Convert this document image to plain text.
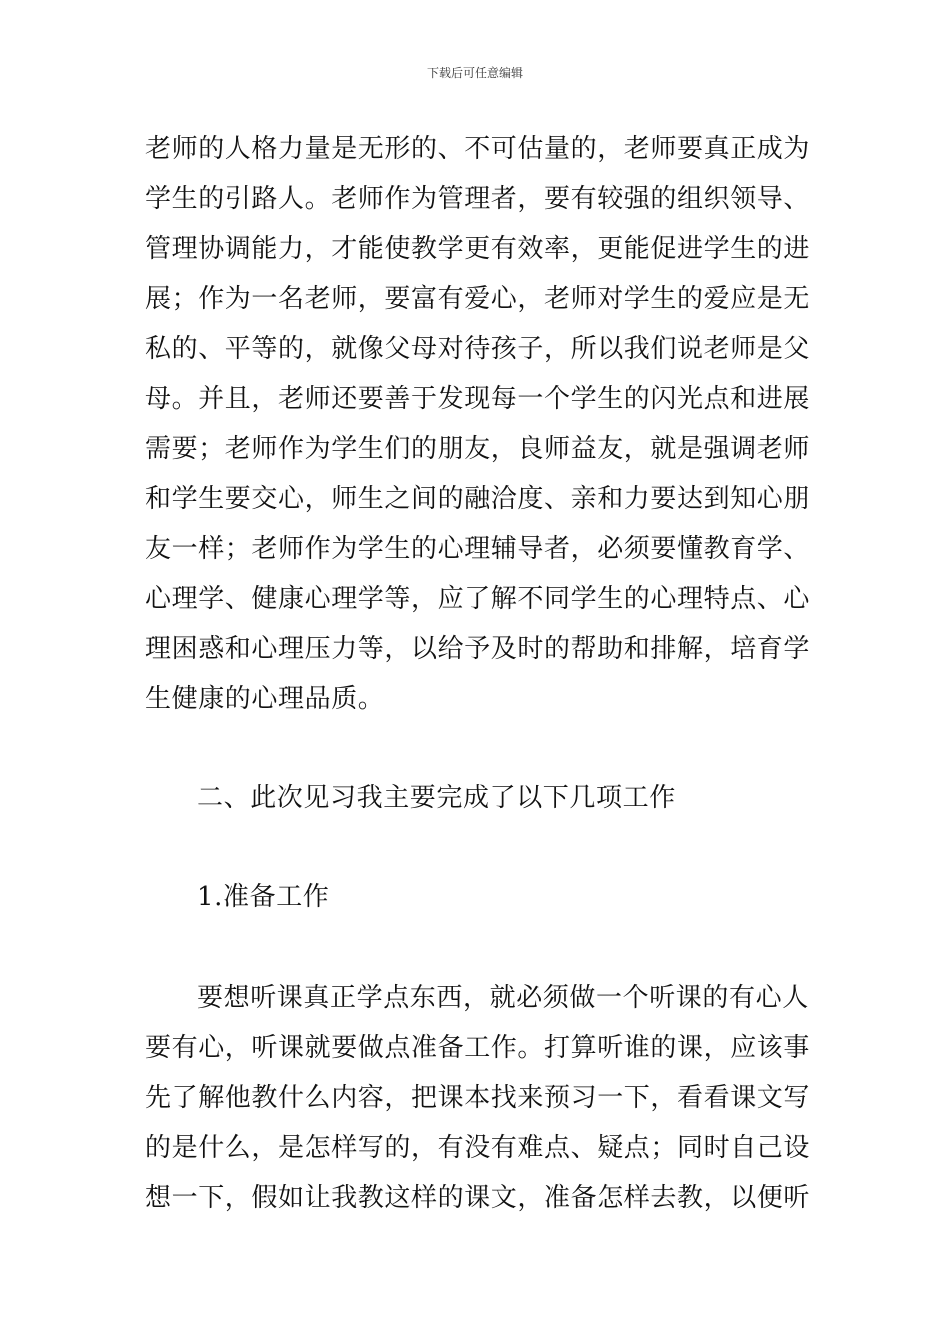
下载后可任意编辑
老师的人格力量是无形的、不可估量的，老师要真正成为
学生的引路人。老师作为管理者，要有较强的组织领导、
管理协调能力，才能使教学更有效率，更能促进学生的进
展；作为一名老师，要富有爱心，老师对学生的爱应是无
私的、平等的，就像父母对待孩子，所以我们说老师是父
母。并且，老师还要善于发现每一个学生的闪光点和进展
需要；老师作为学生们的朋友，良师益友，就是强调老师
和学生要交心，师生之间的融洽度、亲和力要达到知心朋
友一样；老师作为学生的心理辅导者，必须要懂教育学、
心理学、健康心理学等，应了解不同学生的心理特点、心
理困惑和心理压力等，以给予及时的帮助和排解，培育学
生健康的心理品质。
二、此次见习我主要完成了以下几项工作
1.准备工作
要想听课真正学点东西，就必须做一个听课的有心人
要有心，听课就要做点准备工作。打算听谁的课，应该事
先了解他教什么内容，把课本找来预习一下，看看课文写
的是什么，是怎样写的，有没有难点、疑点；同时自己设
想一下，假如让我教这样的课文，准备怎样去教，以便听
